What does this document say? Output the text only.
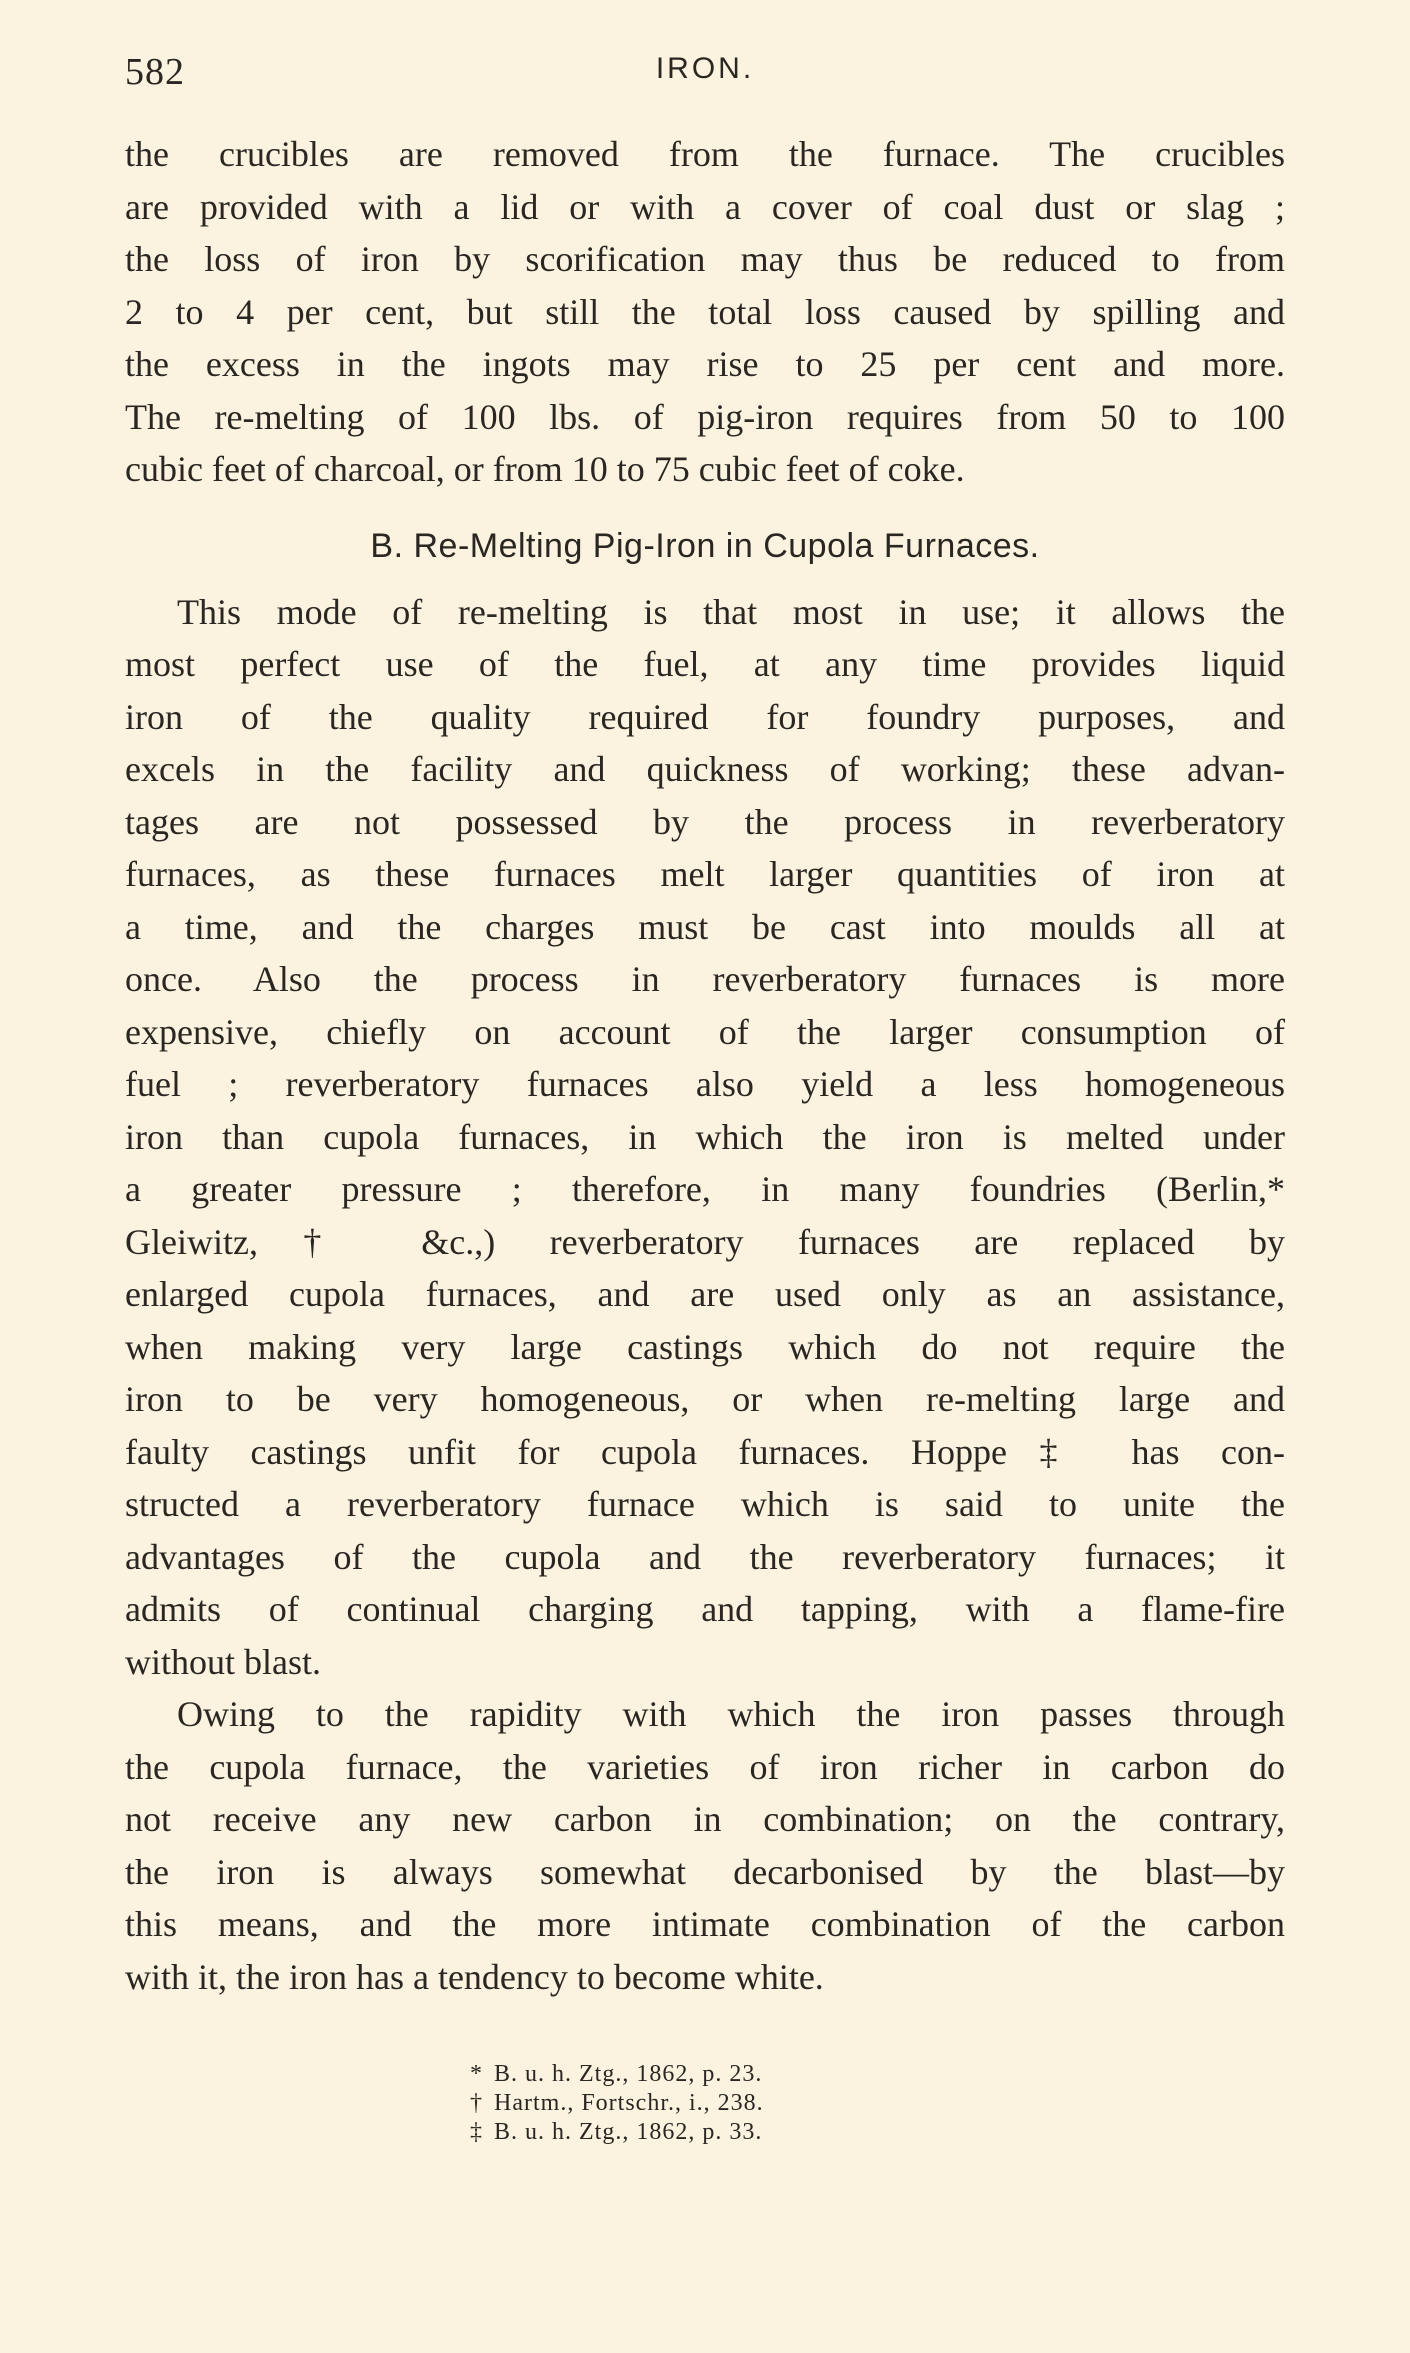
582	IRON.
the crucibles are removed from the furnace. The crucibles
are provided with a lid or with a cover of coal dust or slag ;
the loss of iron by scorification may thus be reduced to from
2 to 4 per cent, but still the total loss caused by spilling and
the excess in the ingots may rise to 25 per cent and more.
The re-melting of 100 lbs. of pig-iron requires from 50 to 100
cubic feet of charcoal, or from 10 to 75 cubic feet of coke.
B. Re-Melting Pig-Iron in Cupola Furnaces.
This mode of re-melting is that most in use; it allows the
most perfect use of the fuel, at any time provides liquid
iron of the quality required for foundry purposes, and
excels in the facility and quickness of working; these advan-
tages are not possessed by the process in reverberatory
furnaces, as these furnaces melt larger quantities of iron at
a time, and the charges must be cast into moulds all at
once. Also the process in reverberatory furnaces is more
expensive, chiefly on account of the larger consumption of
fuel ; reverberatory furnaces also yield a less homogeneous
iron than cupola furnaces, in which the iron is melted under
a greater pressure ; therefore, in many foundries (Berlin,*
Gleiwitz,† &c.,) reverberatory furnaces are replaced by
enlarged cupola furnaces, and are used only as an assistance,
when making very large castings which do not require the
iron to be very homogeneous, or when re-melting large and
faulty castings unfit for cupola furnaces. Hoppe‡ has con-
structed a reverberatory furnace which is said to unite the
advantages of the cupola and the reverberatory furnaces; it
admits of continual charging and tapping, with a flame-fire
without blast.
Owing to the rapidity with which the iron passes through
the cupola furnace, the varieties of iron richer in carbon do
not receive any new carbon in combination; on the contrary,
the iron is always somewhat decarbonised by the blast—by
this means, and the more intimate combination of the carbon
with it, the iron has a tendency to become white.
* B. u. h. Ztg., 1862, p. 23.
† Hartm., Fortschr., i., 238.
‡ B. u. h. Ztg., 1862, p. 33.
